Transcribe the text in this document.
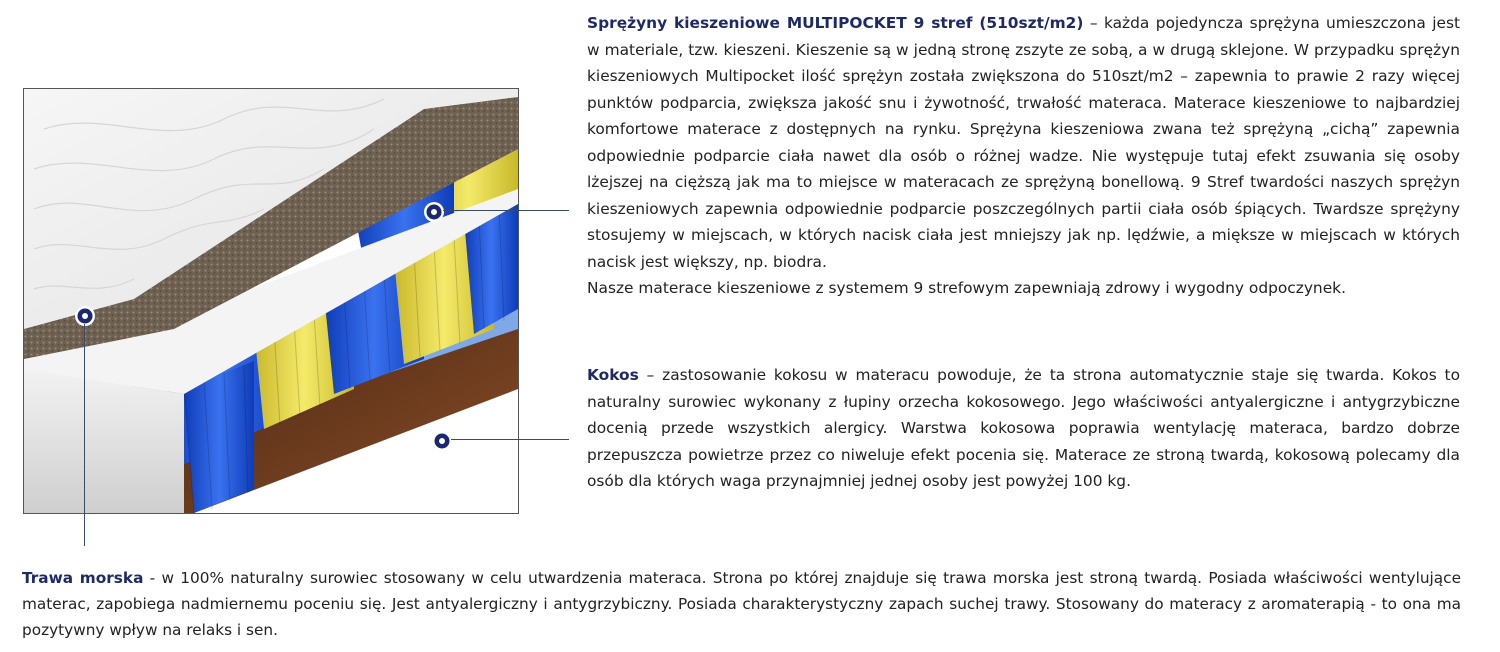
Sprężyny kieszeniowe MULTIPOCKET 9 stref (510szt/m2) – każda pojedyncza sprężyna umieszczona jest w materiale, tzw. kieszeni. Kieszenie są w jedną stronę zszyte ze sobą, a w drugą sklejone. W przypadku sprężyn kieszeniowych Multipocket ilość sprężyn została zwiększona do 510szt/m2 – zapewnia to prawie 2 razy więcej punktów podparcia, zwiększa jakość snu i żywotność, trwałość materaca. Materace kieszeniowe to najbardziej komfortowe materace z dostępnych na rynku. Sprężyna kieszeniowa zwana też sprężyną „cichą” zapewnia odpowiednie podparcie ciała nawet dla osób o różnej wadze. Nie występuje tutaj efekt zsuwania się osoby lżejszej na cięższą jak ma to miejsce w materacach ze sprężyną bonellową. 9 Stref twardości naszych sprężyn kieszeniowych zapewnia odpowiednie podparcie poszczególnych partii ciała osób śpiących. Twardsze sprężyny stosujemy w miejscach, w których nacisk ciała jest mniejszy jak np. lędźwie, a miększe w miejscach w których nacisk jest większy, np. biodra.
Nasze materace kieszeniowe z systemem 9 strefowym zapewniają zdrowy i wygodny odpoczynek.

Kokos – zastosowanie kokosu w materacu powoduje, że ta strona automatycznie staje się twarda. Kokos to naturalny surowiec wykonany z łupiny orzecha kokosowego. Jego właściwości antyalergiczne i antygrzybiczne docenią przede wszystkich alergicy. Warstwa kokosowa poprawia wentylację materaca, bardzo dobrze przepuszcza powietrze przez co niweluje efekt pocenia się. Materace ze stroną twardą, kokosową polecamy dla osób dla których waga przynajmniej jednej osoby jest powyżej 100 kg.

Trawa morska - w 100% naturalny surowiec stosowany w celu utwardzenia materaca. Strona po której znajduje się trawa morska jest stroną twardą. Posiada właściwości wentylujące materac, zapobiega nadmiernemu poceniu się. Jest antyalergiczny i antygrzybiczny. Posiada charakterystyczny zapach suchej trawy. Stosowany do materacy z aromaterapią - to ona ma pozytywny wpływ na relaks i sen.
